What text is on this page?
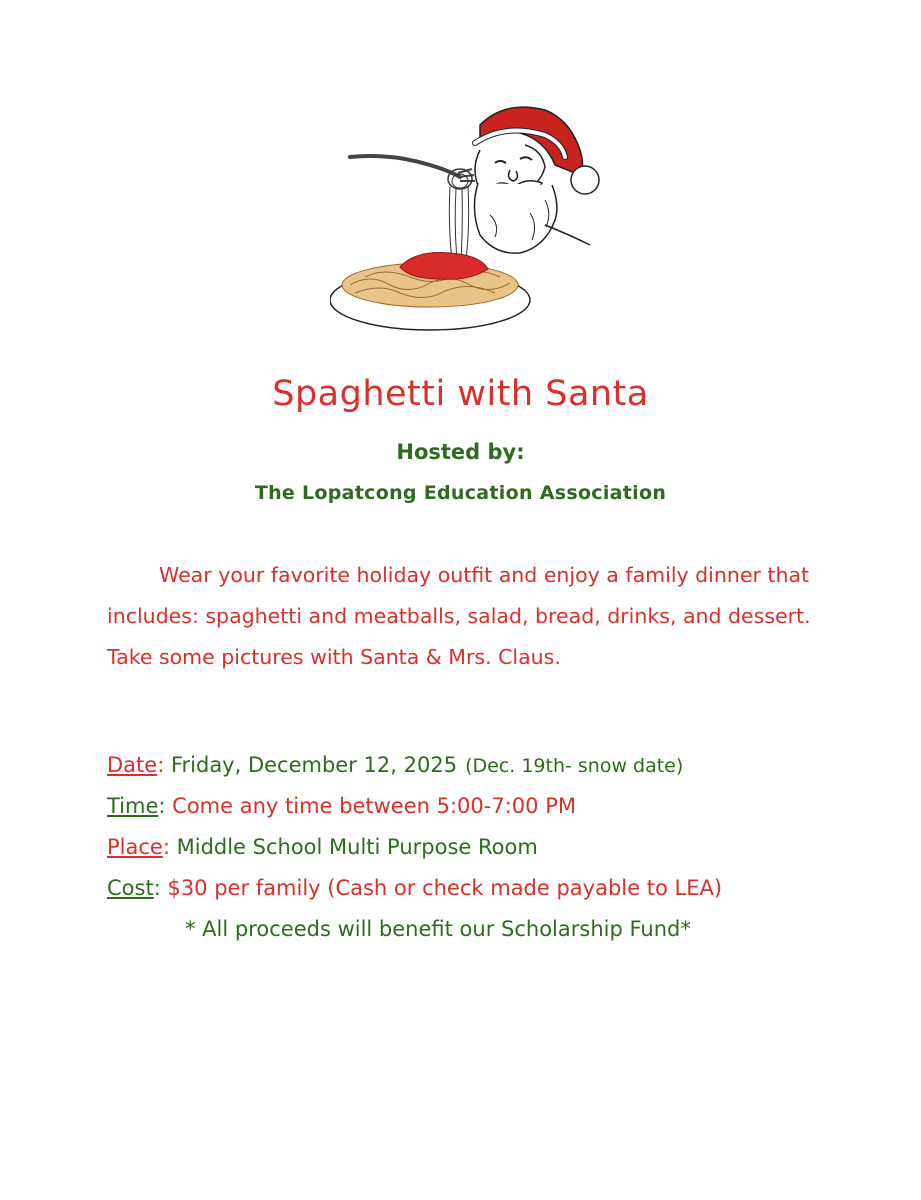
Spaghetti with Santa
Hosted by:
The Lopatcong Education Association

Wear your favorite holiday outfit and enjoy a family dinner that includes: spaghetti and meatballs, salad, bread, drinks, and dessert. Take some pictures with Santa & Mrs. Claus.

Date: Friday, December 12, 2025 (Dec. 19th- snow date)
Time: Come any time between 5:00-7:00 PM
Place: Middle School Multi Purpose Room
Cost: $30 per family (Cash or check made payable to LEA)
* All proceeds will benefit our Scholarship Fund*
